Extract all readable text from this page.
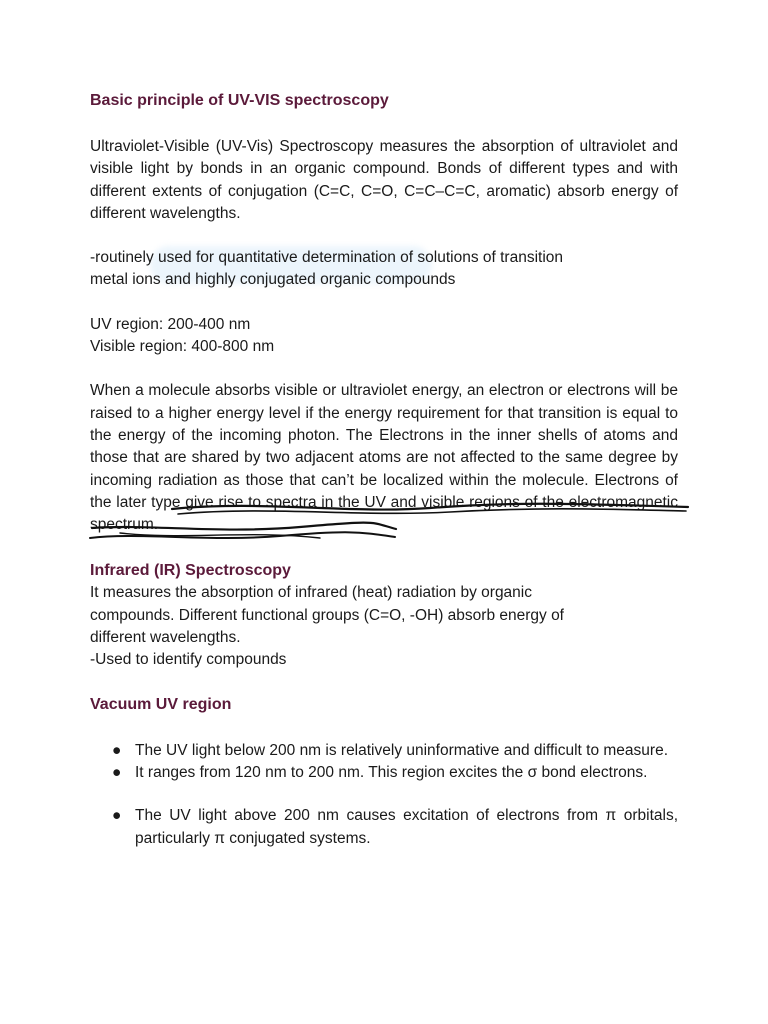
Basic principle of UV-VIS spectroscopy

Ultraviolet-Visible (UV-Vis) Spectroscopy measures the absorption of ultraviolet and visible light by bonds in an organic compound. Bonds of different types and with different extents of conjugation (C=C, C=O, C=C–C=C, aromatic) absorb energy of different wavelengths.

-routinely used for quantitative determination of solutions of transition

metal ions and highly conjugated organic compounds

UV region: 200-400 nm

Visible region: 400-800 nm

When a molecule absorbs visible or ultraviolet energy, an electron or electrons will be raised to a higher energy level if the energy requirement for that transition is equal to the energy of the incoming photon. The Electrons in the inner shells of atoms and those that are shared by two adjacent atoms are not affected to the same degree by incoming radiation as those that can’t be localized within the molecule. Electrons of the later type give rise to spectra in the UV and visible regions of the electromagnetic spectrum.

Infrared (IR) Spectroscopy

It measures the absorption of infrared (heat) radiation by organic

compounds. Different functional groups (C=O, -OH) absorb energy of

different wavelengths.

-Used to identify compounds

Vacuum UV region
● The UV light below 200 nm is relatively uninformative and difficult to measure.
● It ranges from 120 nm to 200 nm. This region excites the σ bond electrons.
● The UV light above 200 nm causes excitation of electrons from π orbitals, particularly π conjugated systems.
